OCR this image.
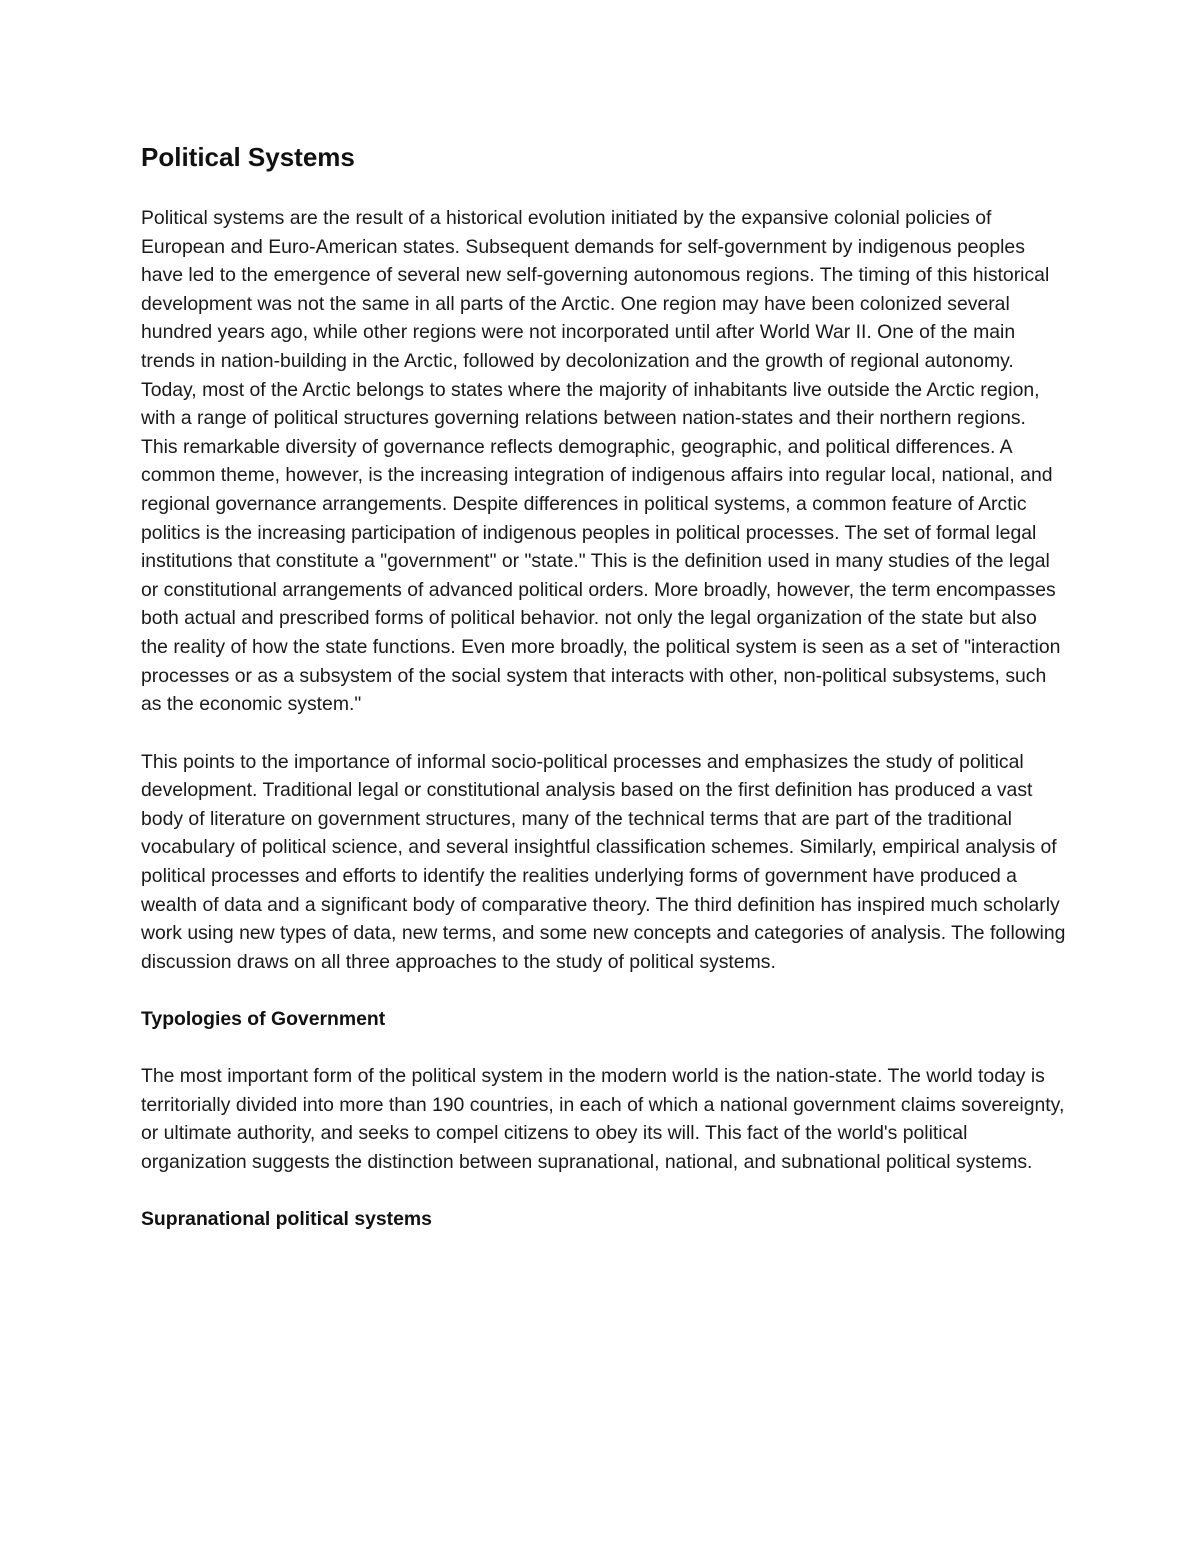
Political Systems

Political systems are the result of a historical evolution initiated by the expansive colonial policies of European and Euro-American states. Subsequent demands for self-government by indigenous peoples have led to the emergence of several new self-governing autonomous regions. The timing of this historical development was not the same in all parts of the Arctic. One region may have been colonized several hundred years ago, while other regions were not incorporated until after World War II. One of the main trends in nation-building in the Arctic, followed by decolonization and the growth of regional autonomy. Today, most of the Arctic belongs to states where the majority of inhabitants live outside the Arctic region, with a range of political structures governing relations between nation-states and their northern regions. This remarkable diversity of governance reflects demographic, geographic, and political differences. A common theme, however, is the increasing integration of indigenous affairs into regular local, national, and regional governance arrangements. Despite differences in political systems, a common feature of Arctic politics is the increasing participation of indigenous peoples in political processes. The set of formal legal institutions that constitute a "government" or "state." This is the definition used in many studies of the legal or constitutional arrangements of advanced political orders. More broadly, however, the term encompasses both actual and prescribed forms of political behavior. not only the legal organization of the state but also the reality of how the state functions. Even more broadly, the political system is seen as a set of "interaction processes or as a subsystem of the social system that interacts with other, non-political subsystems, such as the economic system."

This points to the importance of informal socio-political processes and emphasizes the study of political development. Traditional legal or constitutional analysis based on the first definition has produced a vast body of literature on government structures, many of the technical terms that are part of the traditional vocabulary of political science, and several insightful classification schemes. Similarly, empirical analysis of political processes and efforts to identify the realities underlying forms of government have produced a wealth of data and a significant body of comparative theory. The third definition has inspired much scholarly work using new types of data, new terms, and some new concepts and categories of analysis. The following discussion draws on all three approaches to the study of political systems.

Typologies of Government

The most important form of the political system in the modern world is the nation-state. The world today is territorially divided into more than 190 countries, in each of which a national government claims sovereignty, or ultimate authority, and seeks to compel citizens to obey its will. This fact of the world's political organization suggests the distinction between supranational, national, and subnational political systems.

Supranational political systems
